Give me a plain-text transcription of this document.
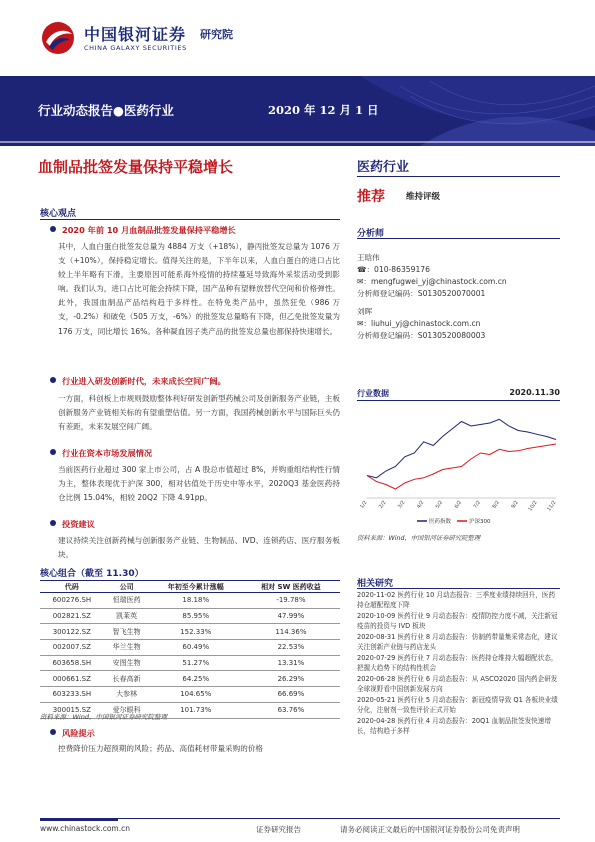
中国银河证券
CHINA GALAXY SECURITIES
研究院
行业动态报告●医药行业	2020 年 12 月 1 日
血制品批签发量保持平稳增长	医药行业
推荐 维持评级
核心观点
2020 年前 10 月血制品批签发量保持平稳增长
其中，人血白蛋白批签发总量为 4884 万支（+18%），静丙批签发总量为 1076 万支（+10%），保持稳定增长。值得关注的是，下半年以来，人血白蛋白的进口占比较上半年略有下滑，主要原因可能系海外疫情的持续蔓延导致海外采浆活动受到影响。我们认为，进口占比可能会持续下降，国产品种有望释放替代空间和价格弹性。此外，我国血制品产品结构趋于多样性。在特免类产品中，虽然狂免（986 万支，-0.2%）和破免（505 万支，-6%）的批签发总量略有下降，但乙免批签发量为 176 万支，同比增长 16%。各种凝血因子类产品的批签发总量也都保持快速增长。
行业进入研发创新时代，未来成长空间广阔。
一方面，科创板上市规则鼓励整体利好研发创新型药械公司及创新服务产业链，主板创新服务产业链相关标的有望重塑估值。另一方面，我国药械创新水平与国际巨头仍有差距，未来发展空间广阔。
行业在资本市场发展情况
当前医药行业超过 300 家上市公司，占 A 股总市值超过 8%，并购重组结构性行情为主，整体表现优于沪深 300，相对估值处于历史中等水平，2020Q3 基金医药持仓比例 15.04%，相较 20Q2 下降 4.91pp。
投资建议
建议持续关注创新药械与创新服务产业链、生物制品、IVD、连锁药店、医疗服务板块。
核心组合（截至 11.30）
代码	公司	年初至今累计涨幅	相对 SW 医药收益
600276.SH	恒瑞医药	18.18%	-19.78%
002821.SZ	凯莱英	85.95%	47.99%
300122.SZ	智飞生物	152.33%	114.36%
002007.SZ	华兰生物	60.49%	22.53%
603658.SH	安图生物	51.27%	13.31%
000661.SZ	长春高新	64.25%	26.29%
603233.SH	大参林	104.65%	66.69%
300015.SZ	爱尔眼科	101.73%	63.76%
资料来源：Wind，中国银河证券研究院整理
风险提示
控费降价压力超预期的风险；药品、高值耗材带量采购的价格
分析师
王晗伟
☎：010-86359176
✉：mengfugwei_yj@chinastock.com.cn
分析师登记编码：S0130520070001
刘晖
✉：liuhui_yj@chinastock.com.cn
分析师登记编码：S0130520080003
行业数据	2020.11.30
1/2 2/2 3/2 4/2 5/2 6/2 7/2 8/2 9/2 10/2 11/2
医药指数	沪深300
资料来源：Wind，中国银河证券研究院整理
相关研究
2020-11-02 医药行业 10 月动态报告：三季度业绩持续回升，医药持仓超配程度下降
2020-10-09 医药行业 9 月动态报告：疫情防控力度不减，关注新冠疫苗的投资与 IVD 板块
2020-08-31 医药行业 8 月动态报告：仿制药带量集采常态化，建议关注创新产业链与药店龙头
2020-07-29 医药行业 7 月动态报告：医药持仓维持大幅超配状态，把握大趋势下的结构性机会
2020-06-28 医药行业 6 月动态报告：从 ASCO2020 国内药企研发全球视野看中国创新发展方向
2020-05-21 医药行业 5 月动态报告：新冠疫情导致 Q1 各板块业绩分化，注射剂一致性评价正式开始
2020-04-28 医药行业 4 月动态报告：20Q1 血制品批签发快速增长，结构趋于多样
www.chinastock.com.cn	证券研究报告	请务必阅读正文最后的中国银河证券股份公司免责声明
